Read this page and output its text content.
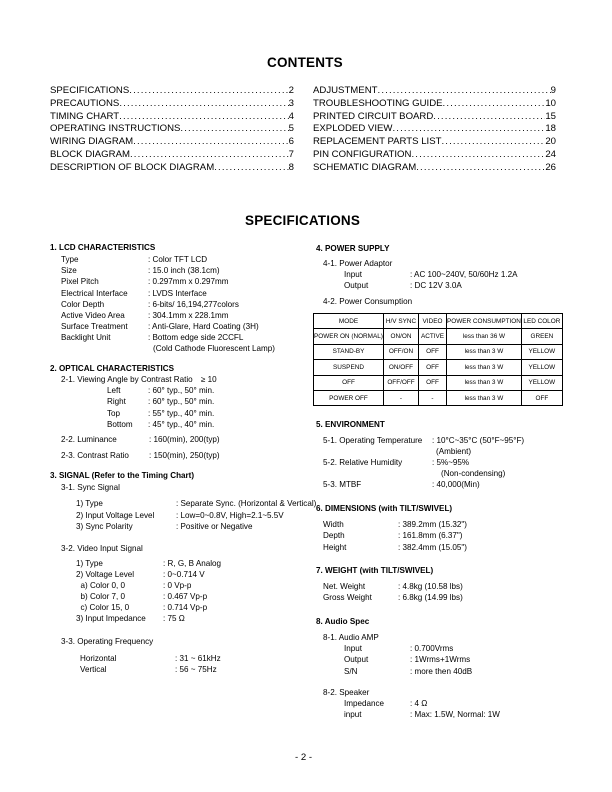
CONTENTS
SPECIFICATIONS .....	2
PRECAUTIONS .....	3
TIMING CHART .....	4
OPERATING INSTRUCTIONS .....	5
WIRING DIAGRAM .....	6
BLOCK DIAGRAM .....	7
DESCRIPTION OF BLOCK DIAGRAM .....	8
ADJUSTMENT .....	9
TROUBLESHOOTING GUIDE .....	10
PRINTED CIRCUIT BOARD .....	15
EXPLODED VIEW .....	18
REPLACEMENT PARTS LIST .....	20
PIN CONFIGURATION .....	24
SCHEMATIC DIAGRAM .....	26
SPECIFICATIONS
1. LCD CHARACTERISTICS
Type	: Color TFT LCD
Size	: 15.0 inch (38.1cm)
Pixel Pitch	: 0.297mm x 0.297mm
Electrical Interface	: LVDS Interface
Color Depth	: 6-bits/ 16,194,277colors
Active Video Area	: 304.1mm x 228.1mm
Surface Treatment	: Anti-Glare, Hard Coating (3H)
Backlight Unit	: Bottom edge side 2CCFL
(Cold Cathode Fluorescent Lamp)
2. OPTICAL CHARACTERISTICS
2-1. Viewing Angle by Contrast Ratio ≥ 10
Left	: 60° typ., 50° min.
Right	: 60° typ., 50° min.
Top	: 55° typ., 40° min.
Bottom : 45° typ., 40° min.
2-2. Luminance	: 160(min), 200(typ)
2-3. Contrast Ratio : 150(min), 250(typ)
3. SIGNAL (Refer to the Timing Chart)
3-1. Sync Signal
1) Type	: Separate Sync. (Horizontal & Vertical)
2) Input Voltage Level	: Low=0~0.8V, High=2.1~5.5V
3) Sync Polarity	: Positive or Negative
3-2. Video Input Signal
1) Type	: R, G, B Analog
2) Voltage Level	: 0~0.714 V
a) Color 0, 0	: 0 Vp-p
b) Color 7, 0	: 0.467 Vp-p
c) Color 15, 0	: 0.714 Vp-p
3) Input Impedance : 75 Ω
3-3. Operating Frequency
Horizontal	: 31 ~ 61kHz
Vertical	: 56 ~ 75Hz
4. POWER SUPPLY
4-1. Power Adaptor
Input	: AC 100~240V, 50/60Hz 1.2A
Output	: DC 12V 3.0A
4-2. Power Consumption
MODE	H/V SYNC	VIDEO	POWER CONSUMPTION	LED COLOR
POWER ON (NORMAL)	ON/ON	ACTIVE	less than 36 W	GREEN
STAND-BY	OFF/ON	OFF	less than 3 W	YELLOW
SUSPEND	ON/OFF	OFF	less than 3 W	YELLOW
OFF	OFF/OFF	OFF	less than 3 W	YELLOW
POWER OFF	-	-	less than 3 W	OFF
5. ENVIRONMENT
5-1. Operating Temperature : 10°C~35°C (50°F~95°F)
(Ambient)
5-2. Relative Humidity	: 5%~95%
(Non-condensing)
5-3. MTBF	: 40,000(Min)
6. DIMENSIONS (with TILT/SWIVEL)
Width	: 389.2mm (15.32")
Depth	: 161.8mm (6.37")
Height	: 382.4mm (15.05")
7. WEIGHT (with TILT/SWIVEL)
Net. Weight	: 4.8kg (10.58 lbs)
Gross Weight	: 6.8kg (14.99 lbs)
8. Audio Spec
8-1. Audio AMP
Input	: 0.700Vrms
Output	: 1Wrms+1Wrms
S/N	: more then 40dB
8-2. Speaker
Impedance	: 4 Ω
input	: Max: 1.5W, Normal: 1W
- 2 -
